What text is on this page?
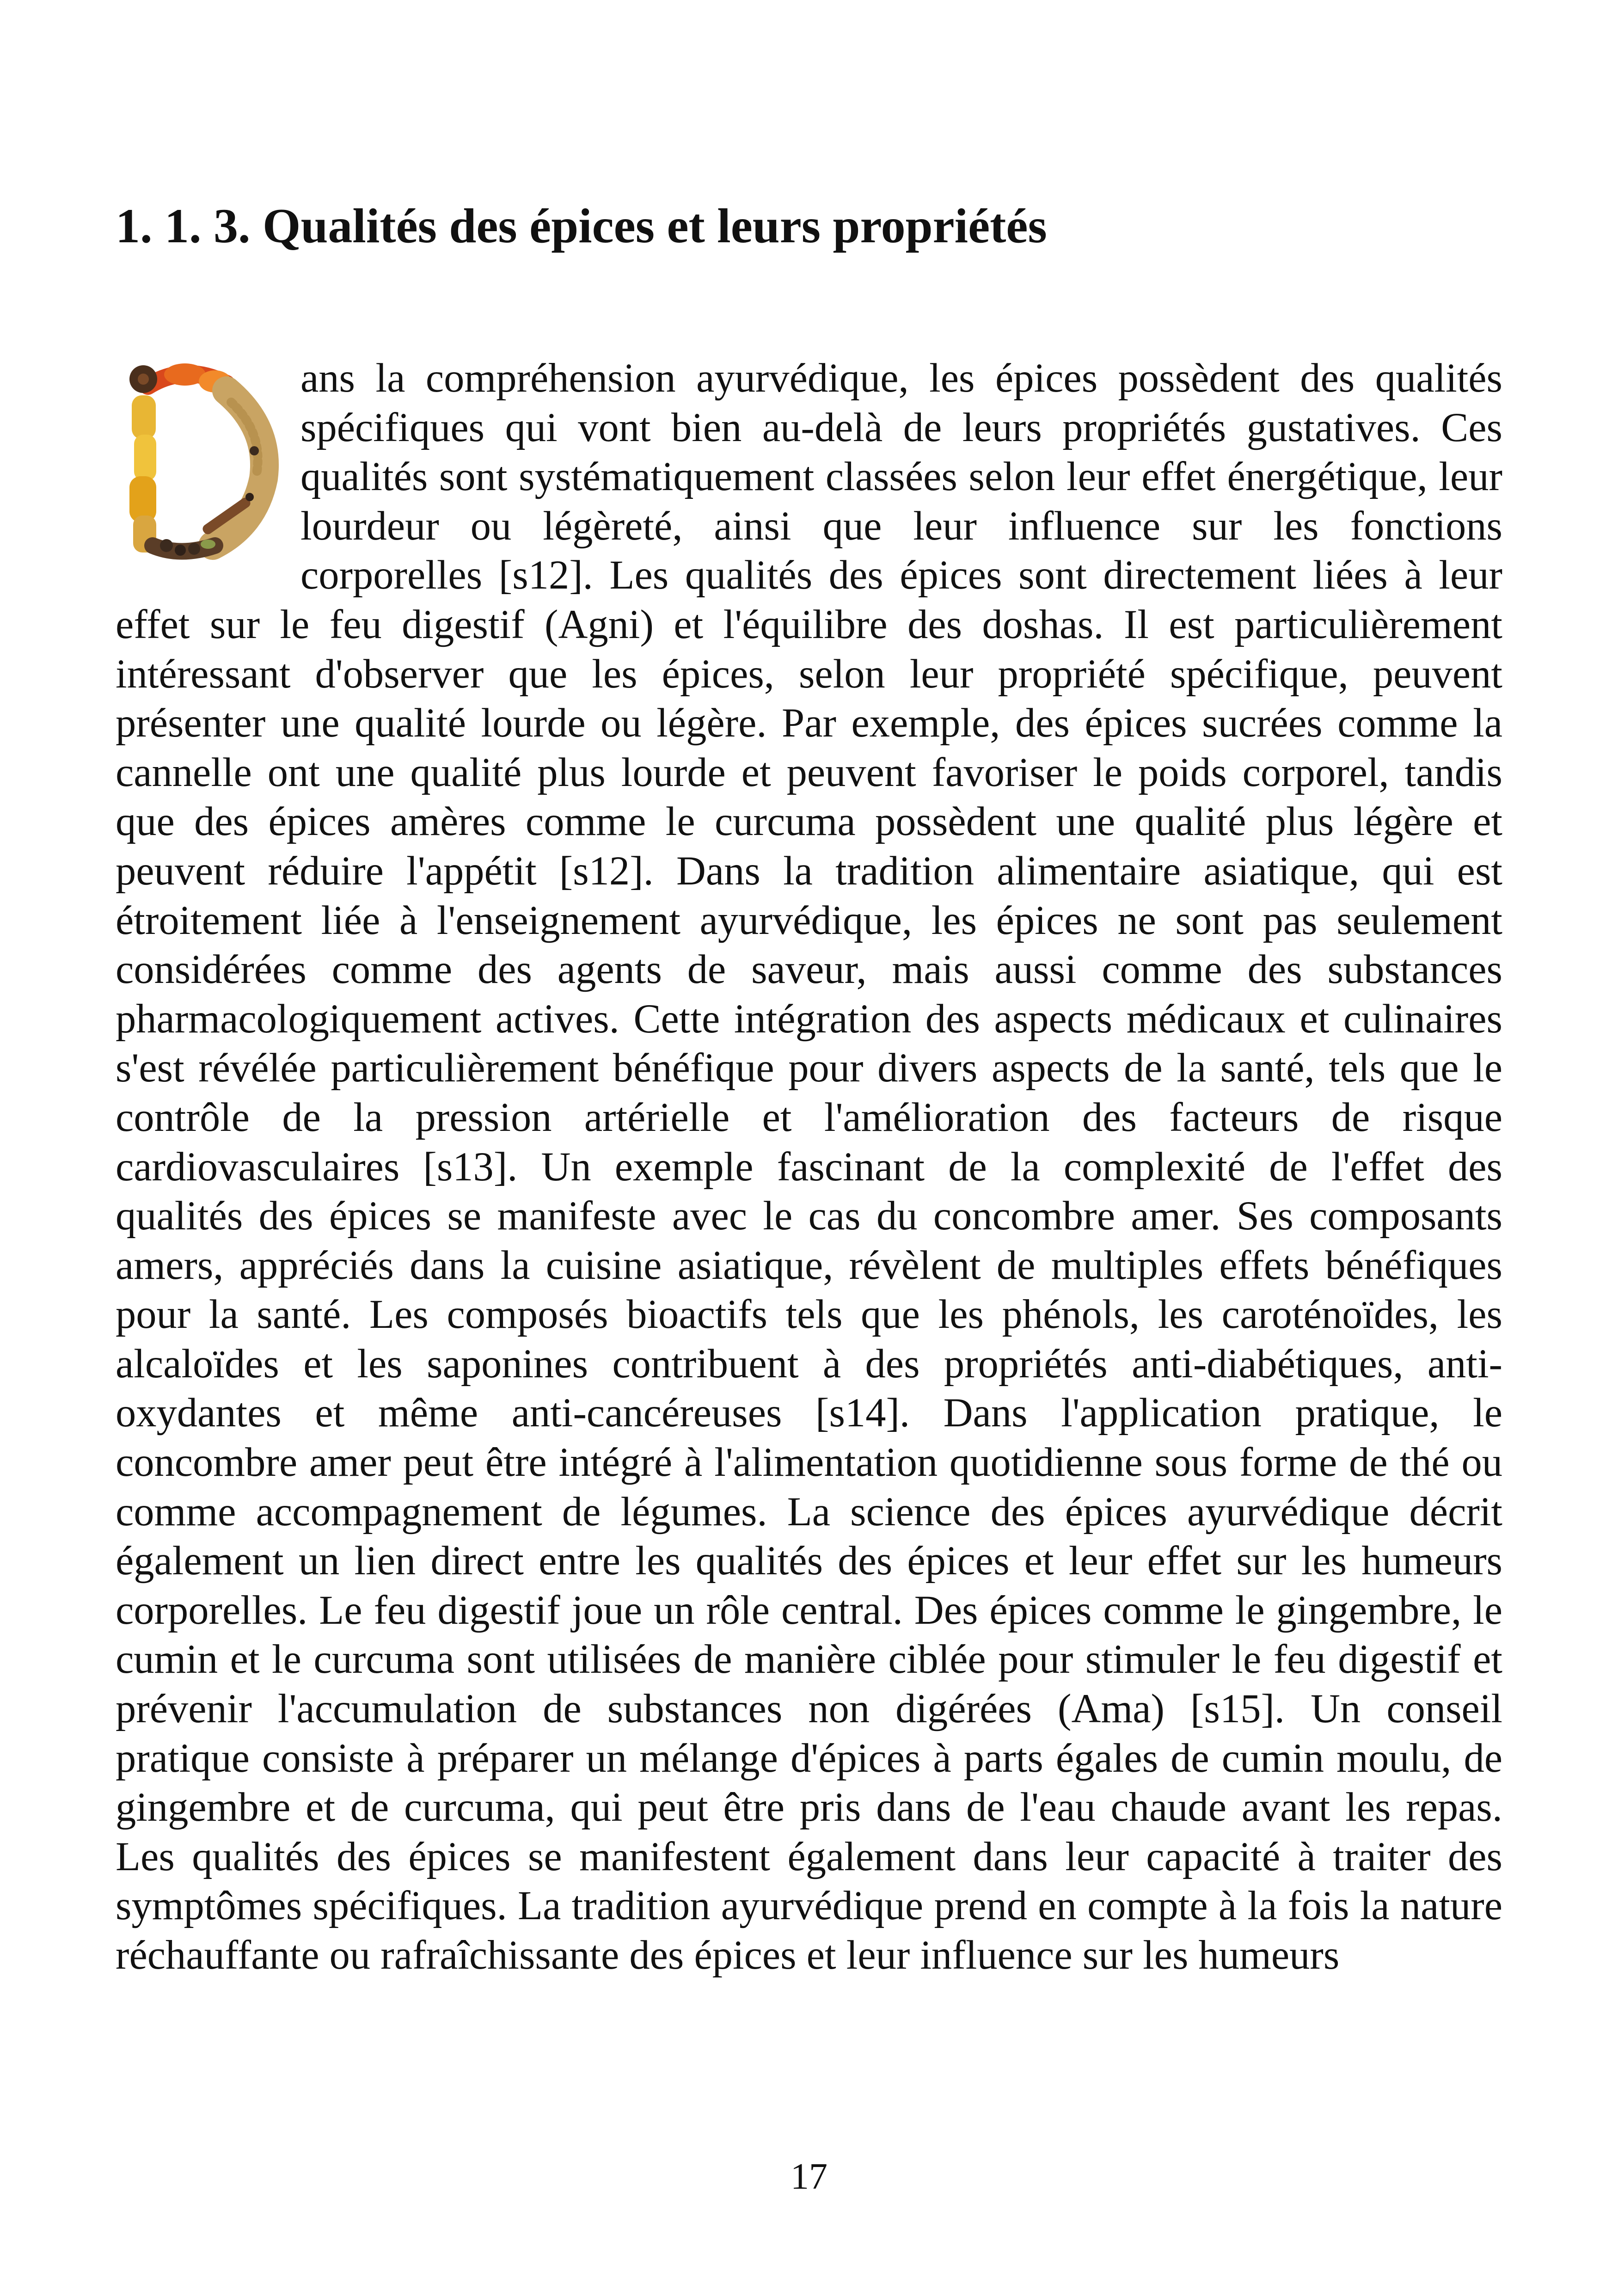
1. 1. 3. Qualités des épices et leurs propriétés

ans la compréhension ayurvédique, les épices possèdent des qualités spécifiques qui vont bien au-delà de leurs propriétés gustatives. Ces qualités sont systématiquement classées selon leur effet énergétique, leur lourdeur ou légèreté, ainsi que leur influence sur les fonctions corporelles [s12]. Les qualités des épices sont directement liées à leur effet sur le feu digestif (Agni) et l'équilibre des doshas. Il est particulièrement intéressant d'observer que les épices, selon leur propriété spécifique, peuvent présenter une qualité lourde ou légère. Par exemple, des épices sucrées comme la cannelle ont une qualité plus lourde et peuvent favoriser le poids corporel, tandis que des épices amères comme le curcuma possèdent une qualité plus légère et peuvent réduire l'appétit [s12]. Dans la tradition alimentaire asiatique, qui est étroitement liée à l'enseignement ayurvédique, les épices ne sont pas seulement considérées comme des agents de saveur, mais aussi comme des substances pharmacologiquement actives. Cette intégration des aspects médicaux et culinaires s'est révélée particulièrement bénéfique pour divers aspects de la santé, tels que le contrôle de la pression artérielle et l'amélioration des facteurs de risque cardiovasculaires [s13]. Un exemple fascinant de la complexité de l'effet des qualités des épices se manifeste avec le cas du concombre amer. Ses composants amers, appréciés dans la cuisine asiatique, révèlent de multiples effets bénéfiques pour la santé. Les composés bioactifs tels que les phénols, les caroténoïdes, les alcaloïdes et les saponines contribuent à des propriétés anti-diabétiques, anti-oxydantes et même anti-cancéreuses [s14]. Dans l'application pratique, le concombre amer peut être intégré à l'alimentation quotidienne sous forme de thé ou comme accompagnement de légumes. La science des épices ayurvédique décrit également un lien direct entre les qualités des épices et leur effet sur les humeurs corporelles. Le feu digestif joue un rôle central. Des épices comme le gingembre, le cumin et le curcuma sont utilisées de manière ciblée pour stimuler le feu digestif et prévenir l'accumulation de substances non digérées (Ama) [s15]. Un conseil pratique consiste à préparer un mélange d'épices à parts égales de cumin moulu, de gingembre et de curcuma, qui peut être pris dans de l'eau chaude avant les repas. Les qualités des épices se manifestent également dans leur capacité à traiter des symptômes spécifiques. La tradition ayurvédique prend en compte à la fois la nature réchauffante ou rafraîchissante des épices et leur influence sur les humeurs

17
